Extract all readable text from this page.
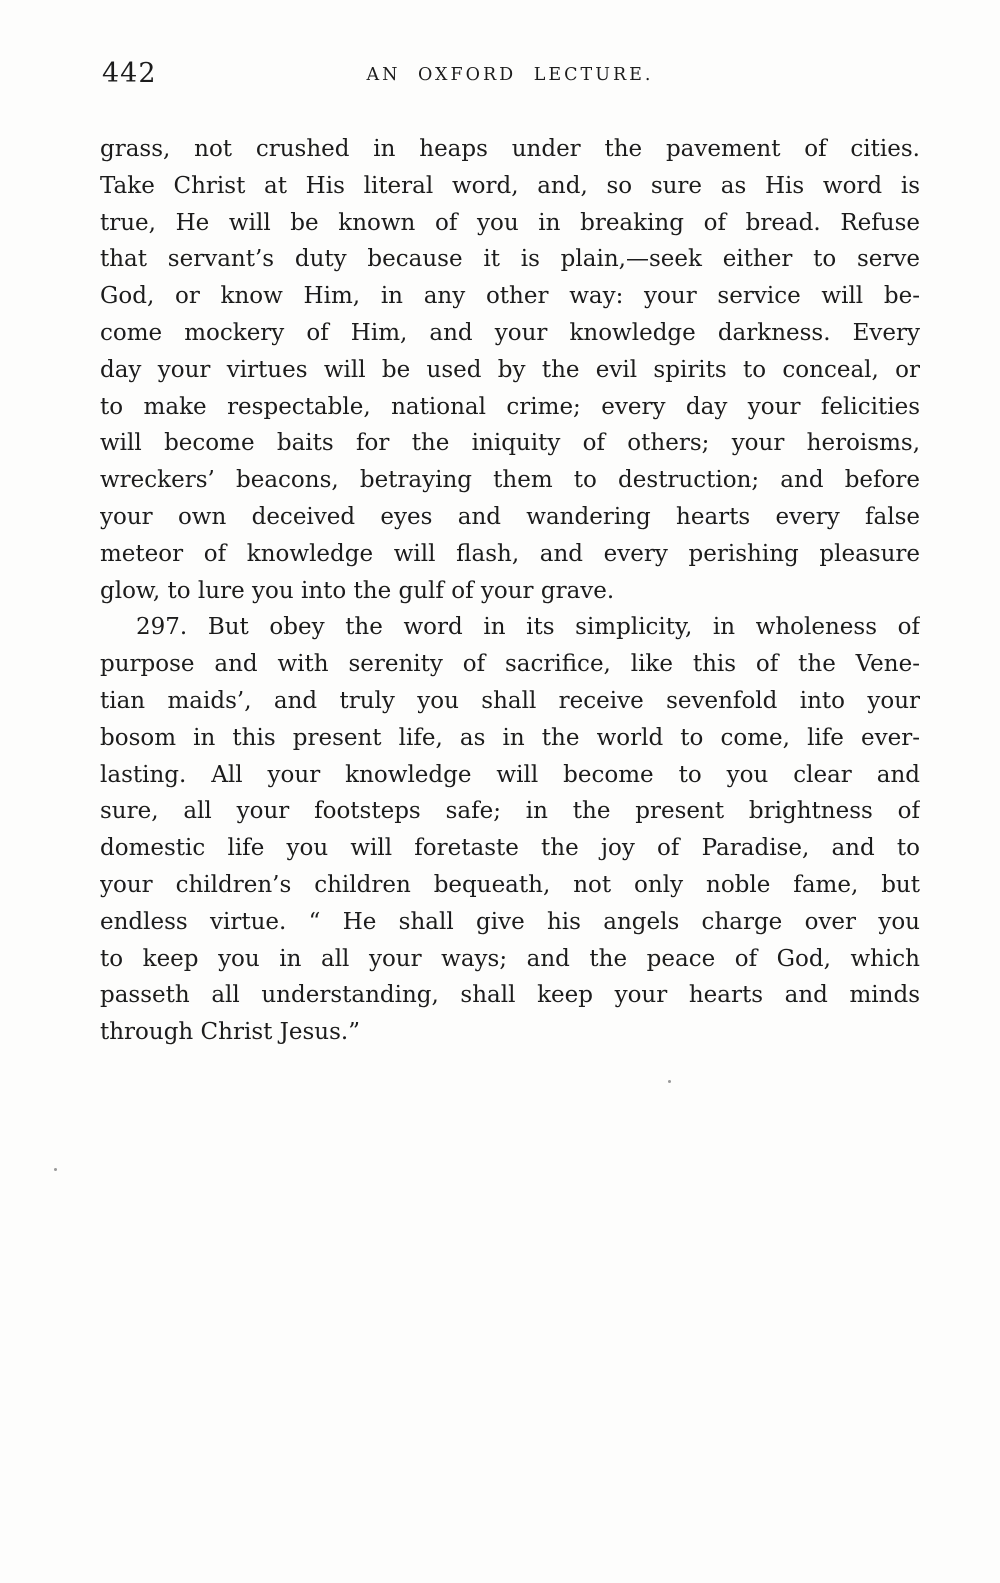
442	AN OXFORD LECTURE.
grass, not crushed in heaps under the pavement of cities.
Take Christ at His literal word, and, so sure as His word is
true, He will be known of you in breaking of bread. Refuse
that servant’s duty because it is plain,—seek either to serve
God, or know Him, in any other way: your service will be-
come mockery of Him, and your knowledge darkness. Every
day your virtues will be used by the evil spirits to conceal, or
to make respectable, national crime; every day your felicities
will become baits for the iniquity of others; your heroisms,
wreckers’ beacons, betraying them to destruction; and before
your own deceived eyes and wandering hearts every false
meteor of knowledge will flash, and every perishing pleasure
glow, to lure you into the gulf of your grave.
297. But obey the word in its simplicity, in wholeness of
purpose and with serenity of sacrifice, like this of the Vene-
tian maids’, and truly you shall receive sevenfold into your
bosom in this present life, as in the world to come, life ever-
lasting. All your knowledge will become to you clear and
sure, all your footsteps safe; in the present brightness of
domestic life you will foretaste the joy of Paradise, and to
your children’s children bequeath, not only noble fame, but
endless virtue. “ He shall give his angels charge over you
to keep you in all your ways; and the peace of God, which
passeth all understanding, shall keep your hearts and minds
through Christ Jesus.”
